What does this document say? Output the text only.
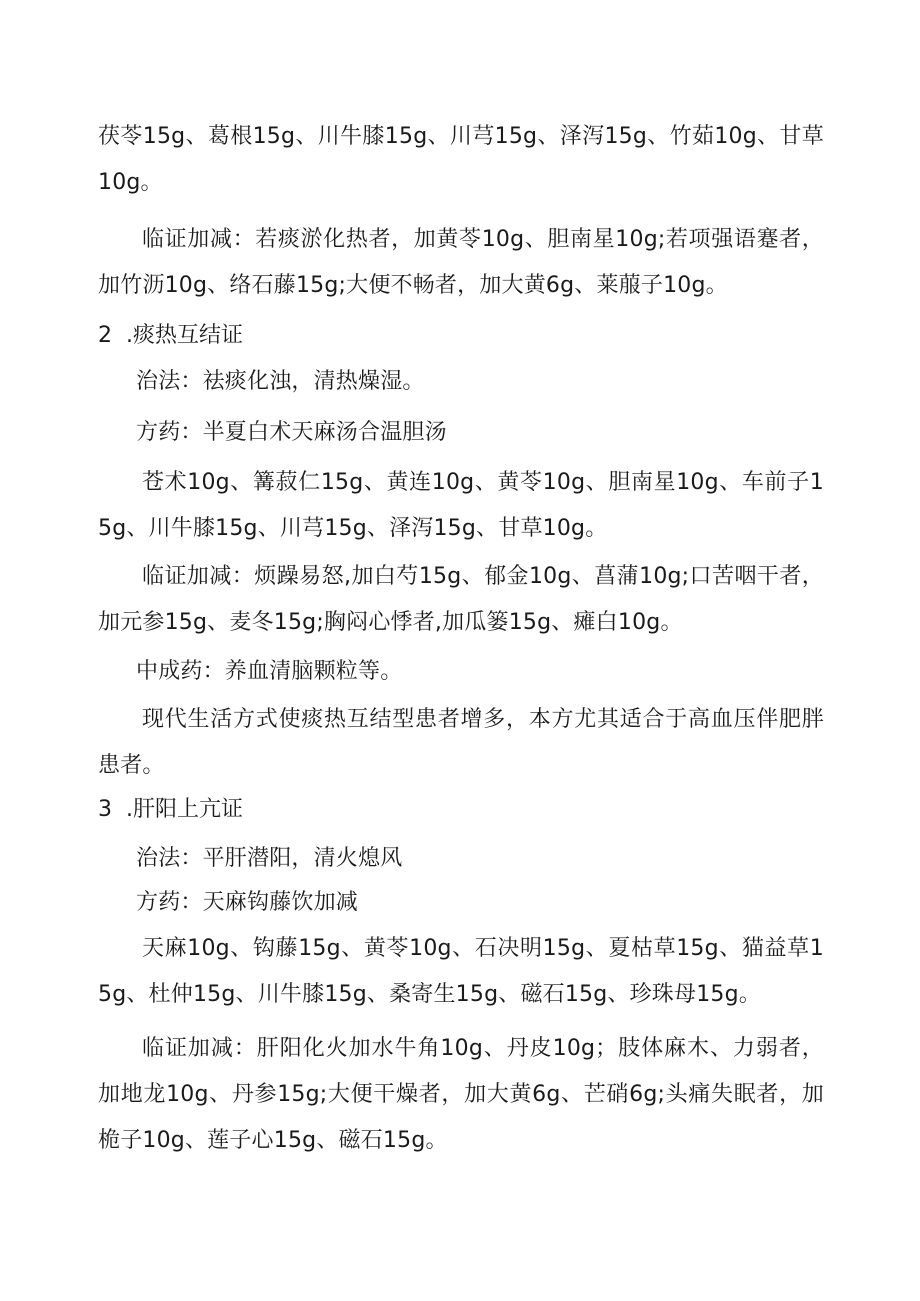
茯苓15g、葛根15g、川牛膝15g、川芎15g、泽泻15g、竹茹10g、甘草10g。

临证加减：若痰淤化热者，加黄苓10g、胆南星10g;若项强语蹇者，加竹沥10g、络石藤15g;大便不畅者，加大黄6g、莱菔子10g。

2 .痰热互结证

治法：祛痰化浊，清热燥湿。

方药：半夏白术天麻汤合温胆汤

苍术10g、篝菽仁15g、黄连10g、黄苓10g、胆南星10g、车前子15g、川牛膝15g、川芎15g、泽泻15g、甘草10g。

临证加减：烦躁易怒,加白芍15g、郁金10g、菖蒲10g;口苦咽干者，加元参15g、麦冬15g;胸闷心悸者,加瓜篓15g、瘫白10g。

中成药：养血清脑颗粒等。

现代生活方式使痰热互结型患者增多，本方尤其适合于高血压伴肥胖患者。

3 .肝阳上亢证

治法：平肝潜阳，清火熄风

方药：天麻钩藤饮加减

天麻10g、钩藤15g、黄苓10g、石决明15g、夏枯草15g、猫益草15g、杜仲15g、川牛膝15g、桑寄生15g、磁石15g、珍珠母15g。

临证加减：肝阳化火加水牛角10g、丹皮10g；肢体麻木、力弱者，加地龙10g、丹参15g;大便干燥者，加大黄6g、芒硝6g;头痛失眠者，加桅子10g、莲子心15g、磁石15g。
